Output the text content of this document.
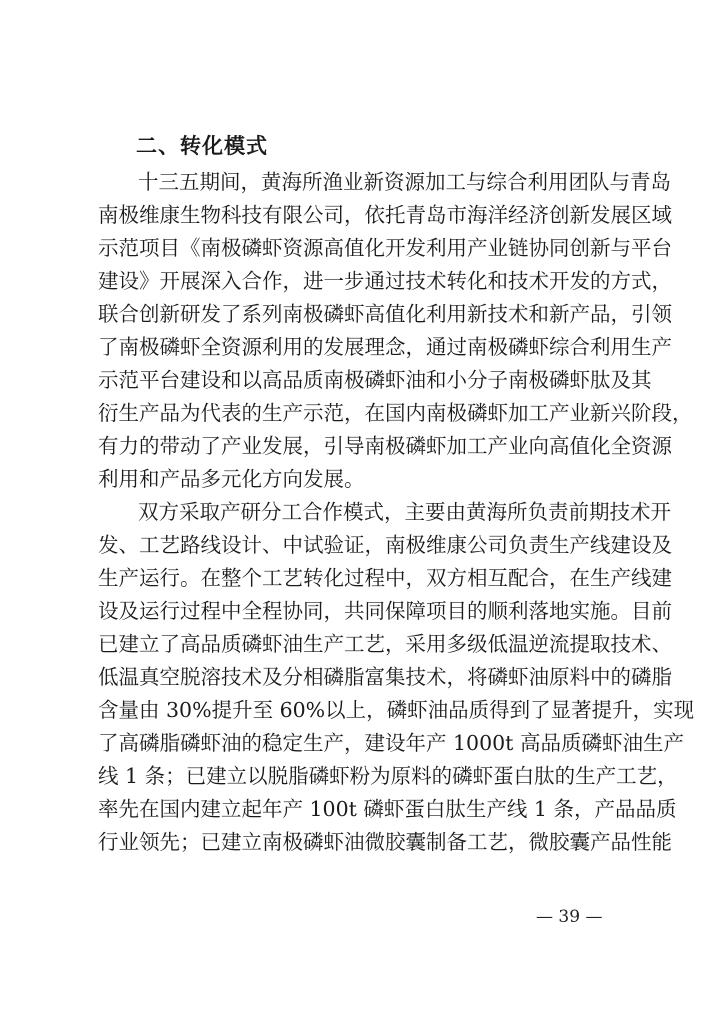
二、转化模式
十三五期间，黄海所渔业新资源加工与综合利用团队与青岛
南极维康生物科技有限公司，依托青岛市海洋经济创新发展区域
示范项目《南极磷虾资源高值化开发利用产业链协同创新与平台
建设》开展深入合作，进一步通过技术转化和技术开发的方式，
联合创新研发了系列南极磷虾高值化利用新技术和新产品，引领
了南极磷虾全资源利用的发展理念，通过南极磷虾综合利用生产
示范平台建设和以高品质南极磷虾油和小分子南极磷虾肽及其
衍生产品为代表的生产示范，在国内南极磷虾加工产业新兴阶段，
有力的带动了产业发展，引导南极磷虾加工产业向高值化全资源
利用和产品多元化方向发展。
双方采取产研分工合作模式，主要由黄海所负责前期技术开
发、工艺路线设计、中试验证，南极维康公司负责生产线建设及
生产运行。在整个工艺转化过程中，双方相互配合，在生产线建
设及运行过程中全程协同，共同保障项目的顺利落地实施。目前
已建立了高品质磷虾油生产工艺，采用多级低温逆流提取技术、
低温真空脱溶技术及分相磷脂富集技术，将磷虾油原料中的磷脂
含量由 30%提升至 60%以上，磷虾油品质得到了显著提升，实现
了高磷脂磷虾油的稳定生产，建设年产 1000t 高品质磷虾油生产
线 1 条；已建立以脱脂磷虾粉为原料的磷虾蛋白肽的生产工艺，
率先在国内建立起年产 100t 磷虾蛋白肽生产线 1 条，产品品质
行业领先；已建立南极磷虾油微胶囊制备工艺，微胶囊产品性能
— 39 —
